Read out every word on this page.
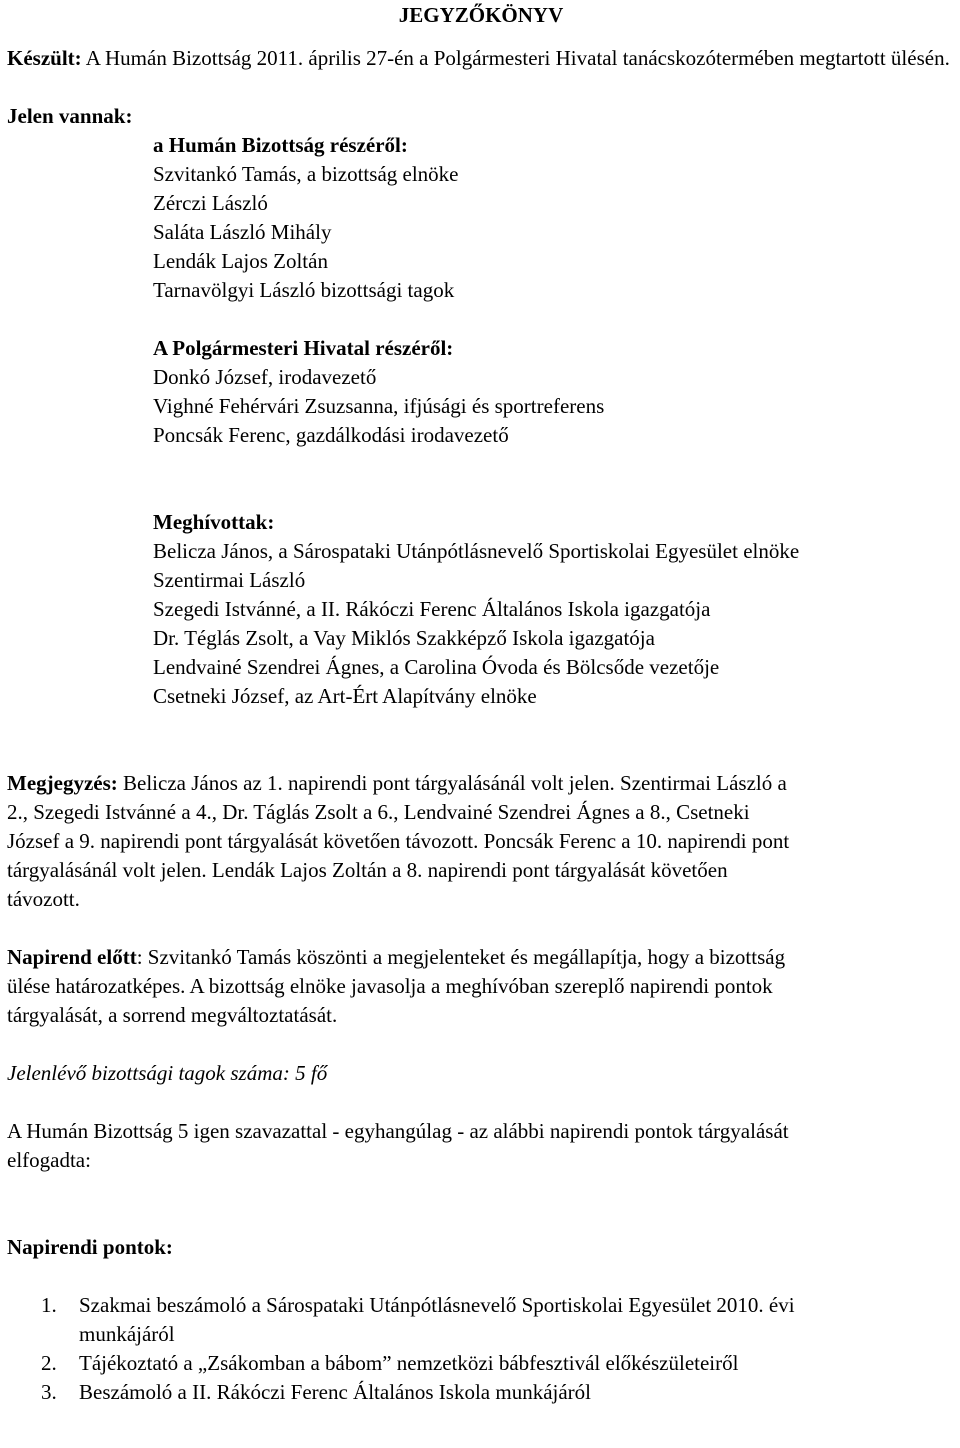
JEGYZŐKÖNYV

Készült: A Humán Bizottság 2011. április 27-én a Polgármesteri Hivatal tanácskozótermében megtartott ülésén.

Jelen vannak:

a Humán Bizottság részéről:

Szvitankó Tamás, a bizottság elnöke

Zérczi László

Saláta László Mihály

Lendák Lajos Zoltán

Tarnavölgyi László bizottsági tagok

A Polgármesteri Hivatal részéről:

Donkó József, irodavezető

Vighné Fehérvári Zsuzsanna, ifjúsági és sportreferens

Poncsák Ferenc, gazdálkodási irodavezető

Meghívottak:

Belicza János, a Sárospataki Utánpótlásnevelő Sportiskolai Egyesület elnöke

Szentirmai László

Szegedi Istvánné, a II. Rákóczi Ferenc Általános Iskola igazgatója

Dr. Téglás Zsolt, a Vay Miklós Szakképző Iskola igazgatója

Lendvainé Szendrei Ágnes, a Carolina Óvoda és Bölcsőde vezetője

Csetneki József, az Art-Ért Alapítvány elnöke

Megjegyzés: Belicza János az 1. napirendi pont tárgyalásánál volt jelen. Szentirmai László a

2., Szegedi Istvánné a 4., Dr. Táglás Zsolt a 6., Lendvainé Szendrei Ágnes a 8., Csetneki

József a 9. napirendi pont tárgyalását követően távozott. Poncsák Ferenc a 10. napirendi pont

tárgyalásánál volt jelen. Lendák Lajos Zoltán a 8. napirendi pont tárgyalását követően

távozott.

Napirend előtt: Szvitankó Tamás köszönti a megjelenteket és megállapítja, hogy a bizottság

ülése határozatképes. A bizottság elnöke javasolja a meghívóban szereplő napirendi pontok

tárgyalását, a sorrend megváltoztatását.

Jelenlévő bizottsági tagok száma: 5 fő

A Humán Bizottság 5 igen szavazattal - egyhangúlag - az alábbi napirendi pontok tárgyalását

elfogadta:

Napirendi pontok:

1. Szakmai beszámoló a Sárospataki Utánpótlásnevelő Sportiskolai Egyesület 2010. évi
munkájáról
2. Tájékoztató a „Zsákomban a bábom” nemzetközi bábfesztivál előkészületeiről
3. Beszámoló a II. Rákóczi Ferenc Általános Iskola munkájáról
